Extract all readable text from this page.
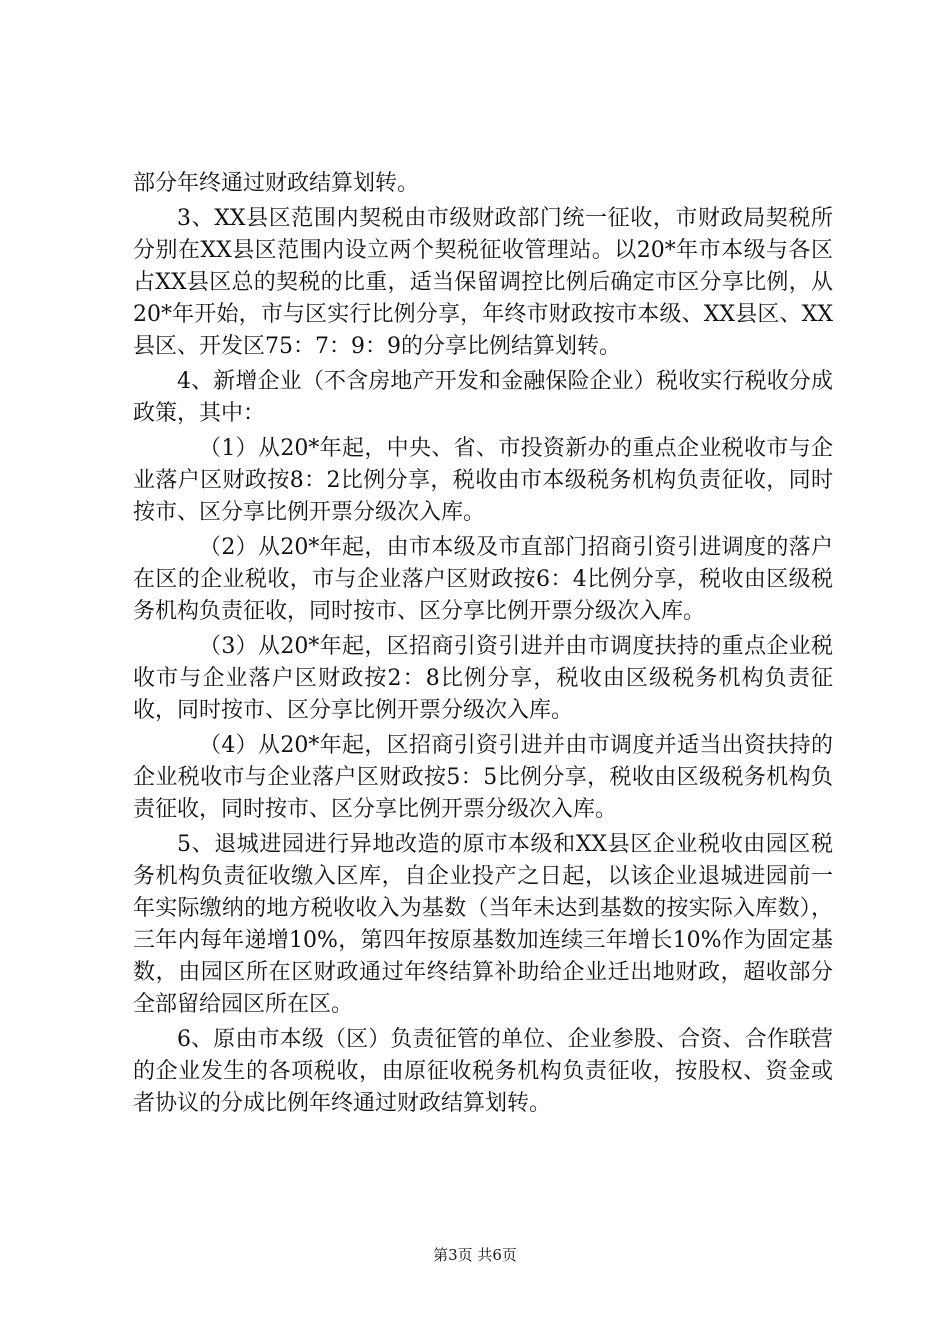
部分年终通过财政结算划转。

3、XX县区范围内契税由市级财政部门统一征收，市财政局契税所分别在XX县区范围内设立两个契税征收管理站。以20*年市本级与各区占XX县区总的契税的比重，适当保留调控比例后确定市区分享比例，从20*年开始，市与区实行比例分享，年终市财政按市本级、XX县区、XX县区、开发区75：7：9：9的分享比例结算划转。

4、新增企业（不含房地产开发和金融保险企业）税收实行税收分成政策，其中：

（1）从20*年起，中央、省、市投资新办的重点企业税收市与企业落户区财政按8：2比例分享，税收由市本级税务机构负责征收，同时按市、区分享比例开票分级次入库。

（2）从20*年起，由市本级及市直部门招商引资引进调度的落户在区的企业税收，市与企业落户区财政按6：4比例分享，税收由区级税务机构负责征收，同时按市、区分享比例开票分级次入库。

（3）从20*年起，区招商引资引进并由市调度扶持的重点企业税收市与企业落户区财政按2：8比例分享，税收由区级税务机构负责征收，同时按市、区分享比例开票分级次入库。

（4）从20*年起，区招商引资引进并由市调度并适当出资扶持的企业税收市与企业落户区财政按5：5比例分享，税收由区级税务机构负责征收，同时按市、区分享比例开票分级次入库。

5、退城进园进行异地改造的原市本级和XX县区企业税收由园区税务机构负责征收缴入区库，自企业投产之日起，以该企业退城进园前一年实际缴纳的地方税收收入为基数（当年未达到基数的按实际入库数），三年内每年递增10%，第四年按原基数加连续三年增长10%作为固定基数，由园区所在区财政通过年终结算补助给企业迁出地财政，超收部分全部留给园区所在区。

6、原由市本级（区）负责征管的单位、企业参股、合资、合作联营的企业发生的各项税收，由原征收税务机构负责征收，按股权、资金或者协议的分成比例年终通过财政结算划转。

第3页 共6页
